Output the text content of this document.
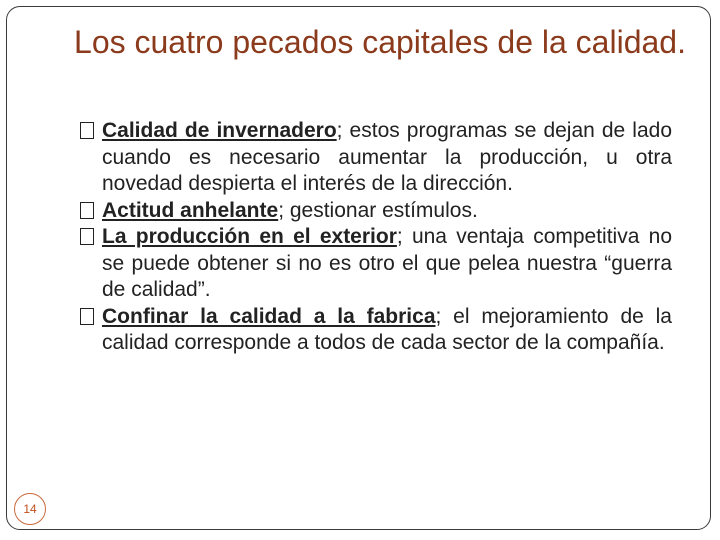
Los cuatro pecados capitales de la calidad.

Calidad de invernadero; estos programas se dejan de lado cuando es necesario aumentar la producción, u otra novedad despierta el interés de la dirección.

Actitud anhelante; gestionar estímulos.

La producción en el exterior; una ventaja competitiva no se puede obtener si no es otro el que pelea nuestra “guerra de calidad”.

Confinar la calidad a la fabrica; el mejoramiento de la calidad corresponde a todos de cada sector de la compañía.

14
